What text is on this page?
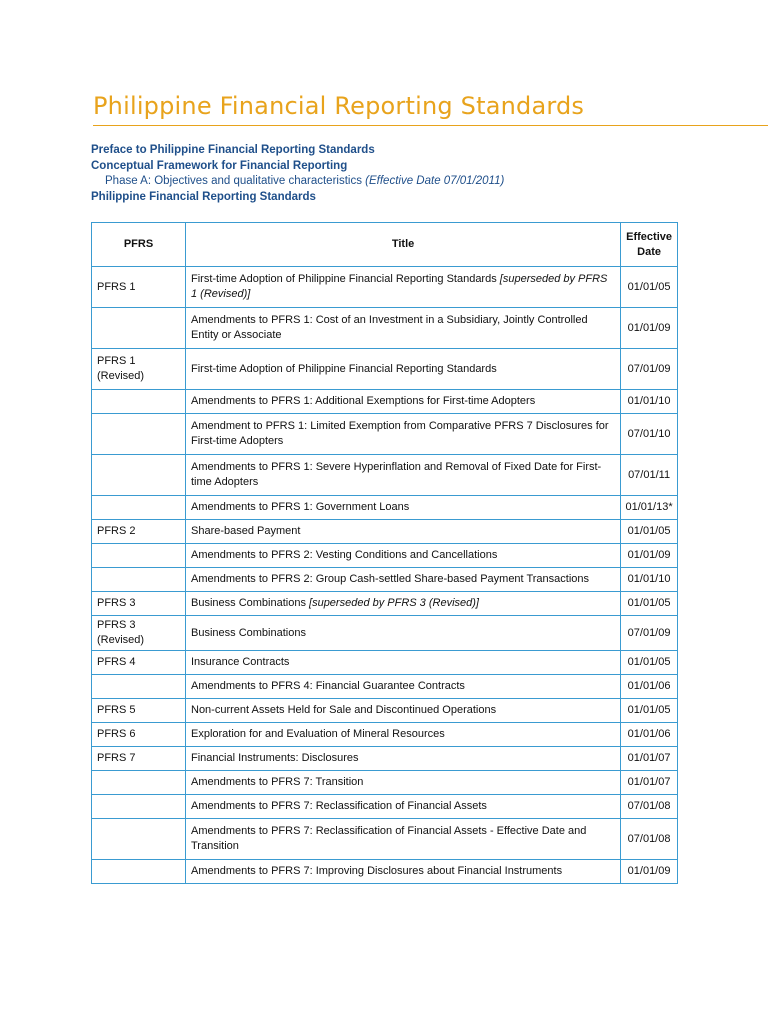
Philippine Financial Reporting Standards
Preface to Philippine Financial Reporting Standards
Conceptual Framework for Financial Reporting
Phase A: Objectives and qualitative characteristics (Effective Date 07/01/2011)
Philippine Financial Reporting Standards
PFRS	Title	Effective
Date
PFRS 1	First-time Adoption of Philippine Financial Reporting Standards [superseded by PFRS 1 (Revised)]	01/01/05
	Amendments to PFRS 1: Cost of an Investment in a Subsidiary, Jointly Controlled Entity or Associate	01/01/09
PFRS 1 (Revised)	First-time Adoption of Philippine Financial Reporting Standards	07/01/09
	Amendments to PFRS 1: Additional Exemptions for First-time Adopters	01/01/10
	Amendment to PFRS 1: Limited Exemption from Comparative PFRS 7 Disclosures for First-time Adopters	07/01/10
	Amendments to PFRS 1: Severe Hyperinflation and Removal of Fixed Date for First-time Adopters	07/01/11
	Amendments to PFRS 1: Government Loans	01/01/13*
PFRS 2	Share-based Payment	01/01/05
	Amendments to PFRS 2: Vesting Conditions and Cancellations	01/01/09
	Amendments to PFRS 2: Group Cash-settled Share-based Payment Transactions	01/01/10
PFRS 3	Business Combinations [superseded by PFRS 3 (Revised)]	01/01/05
PFRS 3 (Revised)	Business Combinations	07/01/09
PFRS 4	Insurance Contracts	01/01/05
	Amendments to PFRS 4: Financial Guarantee Contracts	01/01/06
PFRS 5	Non-current Assets Held for Sale and Discontinued Operations	01/01/05
PFRS 6	Exploration for and Evaluation of Mineral Resources	01/01/06
PFRS 7	Financial Instruments: Disclosures	01/01/07
	Amendments to PFRS 7: Transition	01/01/07
	Amendments to PFRS 7: Reclassification of Financial Assets	07/01/08
	Amendments to PFRS 7: Reclassification of Financial Assets - Effective Date and Transition	07/01/08
	Amendments to PFRS 7: Improving Disclosures about Financial Instruments	01/01/09
